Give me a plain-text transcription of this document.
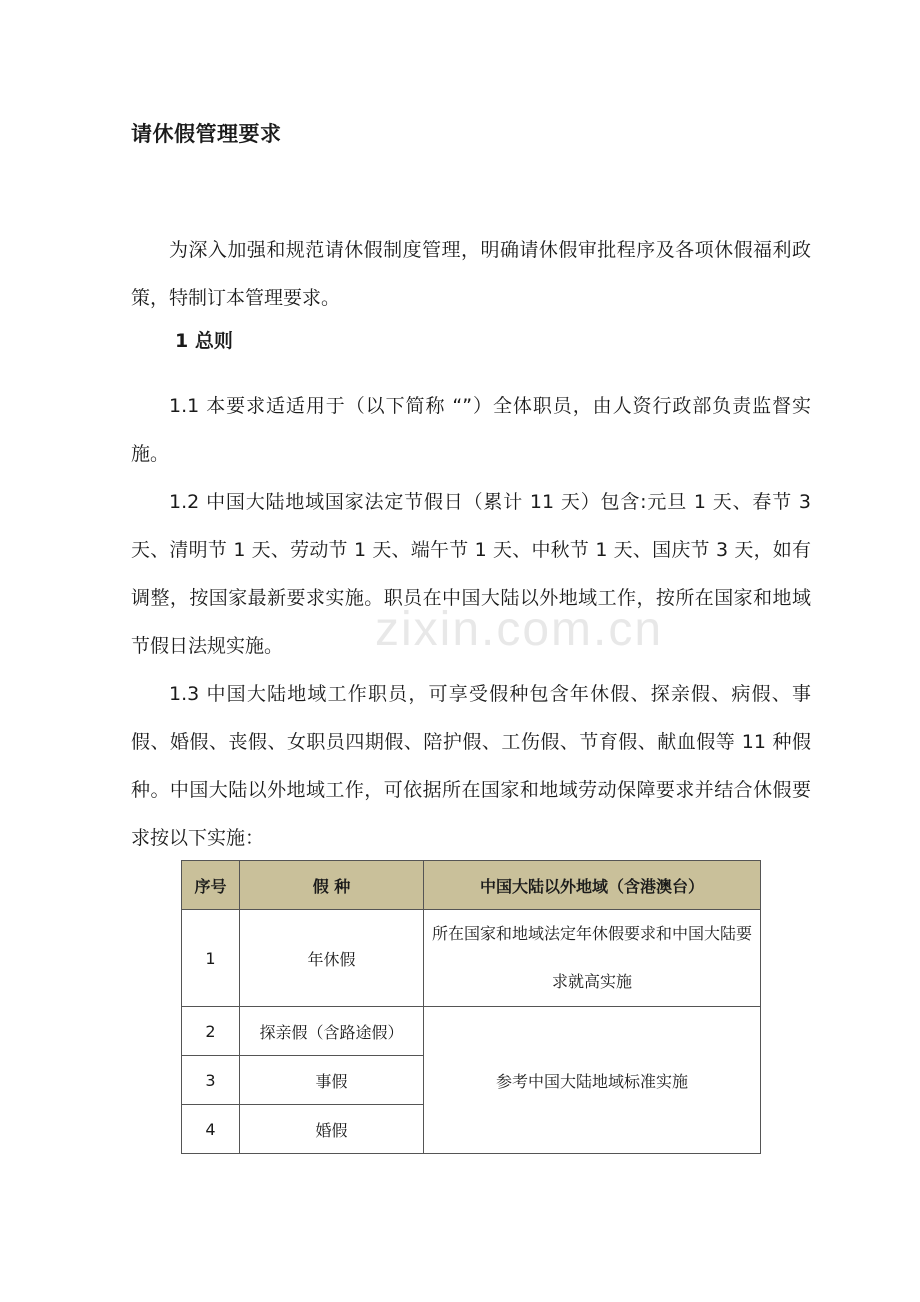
请休假管理要求

为深入加强和规范请休假制度管理，明确请休假审批程序及各项休假福利政策，特制订本管理要求。

1 总则

1.1 本要求适适用于（以下简称 “”）全体职员，由人资行政部负责监督实施。

1.2 中国大陆地域国家法定节假日（累计 11 天）包含:元旦 1 天、春节 3 天、清明节 1 天、劳动节 1 天、端午节 1 天、中秋节 1 天、国庆节 3 天，如有调整，按国家最新要求实施。职员在中国大陆以外地域工作，按所在国家和地域节假日法规实施。

1.3 中国大陆地域工作职员，可享受假种包含年休假、探亲假、病假、事假、婚假、丧假、女职员四期假、陪护假、工伤假、节育假、献血假等 11 种假种。中国大陆以外地域工作，可依据所在国家和地域劳动保障要求并结合休假要求按以下实施：

zixin.com.cn
序号	假 种	中国大陆以外地域（含港澳台）
1	年休假	所在国家和地域法定年休假要求和中国大陆要求就高实施
2	探亲假（含路途假）	参考中国大陆地域标准实施
3	事假	
4	婚假	
